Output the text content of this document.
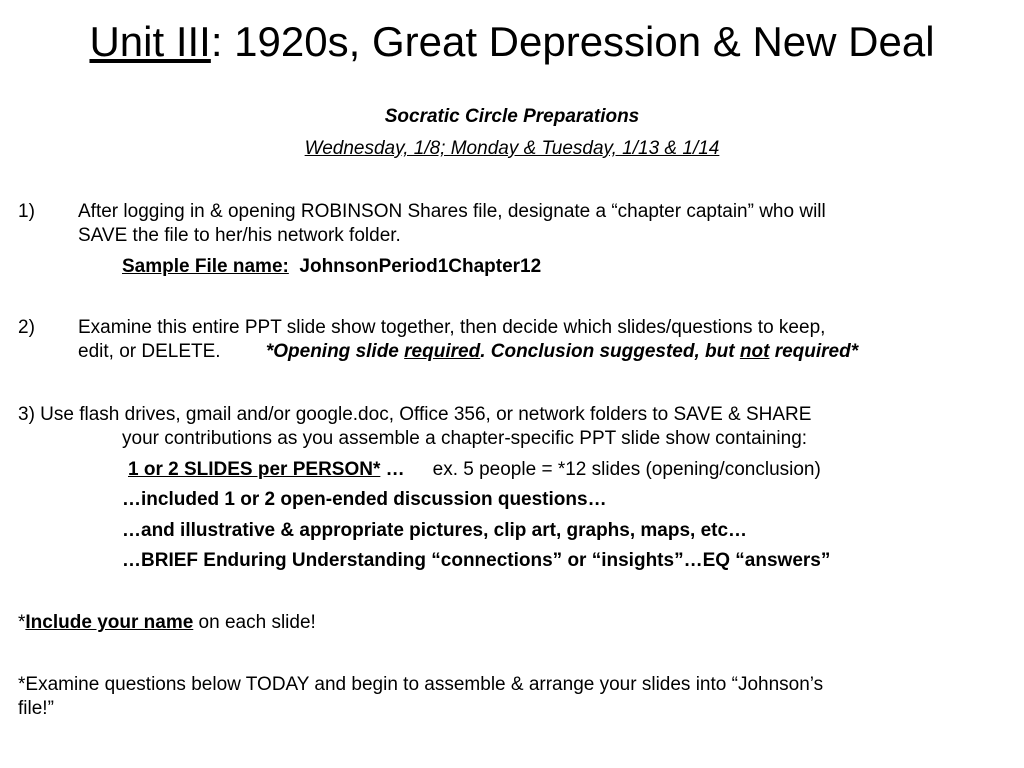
Unit III: 1920s, Great Depression & New Deal
Socratic Circle Preparations
Wednesday, 1/8; Monday & Tuesday, 1/13 & 1/14
1) After logging in & opening ROBINSON Shares file, designate a “chapter captain” who will
SAVE the file to her/his network folder.
Sample File name: JohnsonPeriod1Chapter12
2) Examine this entire PPT slide show together, then decide which slides/questions to keep,
edit, or DELETE. *Opening slide required. Conclusion suggested, but not required*
3) Use flash drives, gmail and/or google.doc, Office 356, or network folders to SAVE & SHARE
your contributions as you assemble a chapter-specific PPT slide show containing:
1 or 2 SLIDES per PERSON* … ex. 5 people = *12 slides (opening/conclusion)
…included 1 or 2 open-ended discussion questions…
…and illustrative & appropriate pictures, clip art, graphs, maps, etc…
…BRIEF Enduring Understanding “connections” or “insights”…EQ “answers”
*Include your name on each slide!
*Examine questions below TODAY and begin to assemble & arrange your slides into “Johnson’s
file!”
